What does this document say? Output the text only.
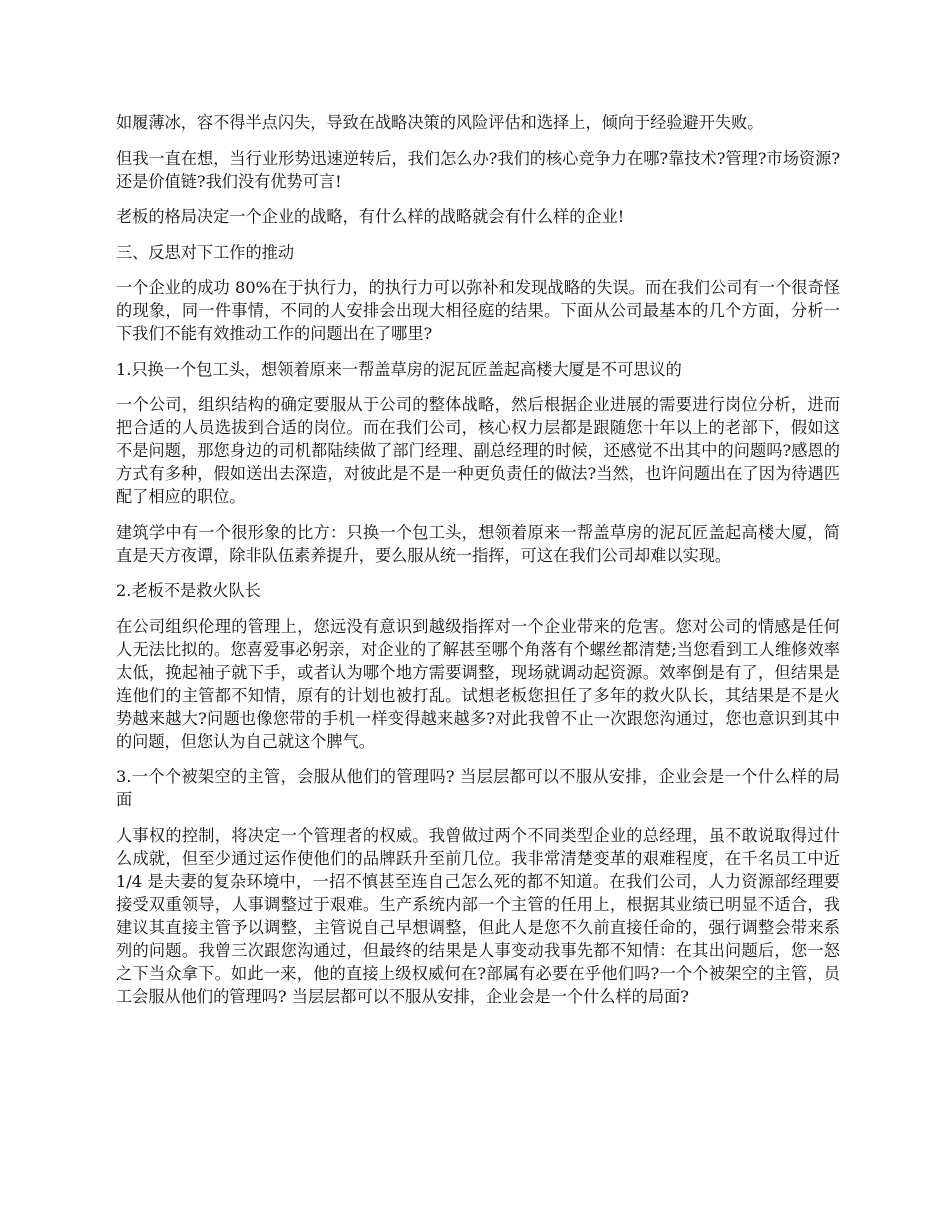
如履薄冰，容不得半点闪失，导致在战略决策的风险评估和选择上，倾向于经验避开失败。

但我一直在想，当行业形势迅速逆转后，我们怎么办?我们的核心竞争力在哪?靠技术?管理?市场资源?还是价值链?我们没有优势可言!

老板的格局决定一个企业的战略，有什么样的战略就会有什么样的企业!

三、反思对下工作的推动

一个企业的成功 80%在于执行力，的执行力可以弥补和发现战略的失误。而在我们公司有一个很奇怪的现象，同一件事情，不同的人安排会出现大相径庭的结果。下面从公司最基本的几个方面，分析一下我们不能有效推动工作的问题出在了哪里?

1.只换一个包工头，想领着原来一帮盖草房的泥瓦匠盖起高楼大厦是不可思议的

一个公司，组织结构的确定要服从于公司的整体战略，然后根据企业进展的需要进行岗位分析，进而把合适的人员选拔到合适的岗位。而在我们公司，核心权力层都是跟随您十年以上的老部下，假如这不是问题，那您身边的司机都陆续做了部门经理、副总经理的时候，还感觉不出其中的问题吗?感恩的方式有多种，假如送出去深造，对彼此是不是一种更负责任的做法?当然，也许问题出在了因为待遇匹配了相应的职位。

建筑学中有一个很形象的比方：只换一个包工头，想领着原来一帮盖草房的泥瓦匠盖起高楼大厦，简直是天方夜谭，除非队伍素养提升，要么服从统一指挥，可这在我们公司却难以实现。

2.老板不是救火队长

在公司组织伦理的管理上，您远没有意识到越级指挥对一个企业带来的危害。您对公司的情感是任何人无法比拟的。您喜爱事必躬亲，对企业的了解甚至哪个角落有个螺丝都清楚;当您看到工人维修效率太低，挽起袖子就下手，或者认为哪个地方需要调整，现场就调动起资源。效率倒是有了，但结果是连他们的主管都不知情，原有的计划也被打乱。试想老板您担任了多年的救火队长，其结果是不是火势越来越大?问题也像您带的手机一样变得越来越多?对此我曾不止一次跟您沟通过，您也意识到其中的问题，但您认为自己就这个脾气。

3.一个个被架空的主管，会服从他们的管理吗? 当层层都可以不服从安排，企业会是一个什么样的局面

人事权的控制，将决定一个管理者的权威。我曾做过两个不同类型企业的总经理，虽不敢说取得过什么成就，但至少通过运作使他们的品牌跃升至前几位。我非常清楚变革的艰难程度，在千名员工中近 1/4 是夫妻的复杂环境中，一招不慎甚至连自己怎么死的都不知道。在我们公司，人力资源部经理要接受双重领导，人事调整过于艰难。生产系统内部一个主管的任用上，根据其业绩已明显不适合，我建议其直接主管予以调整，主管说自己早想调整，但此人是您不久前直接任命的，强行调整会带来系列的问题。我曾三次跟您沟通过，但最终的结果是人事变动我事先都不知情：在其出问题后，您一怒之下当众拿下。如此一来，他的直接上级权威何在?部属有必要在乎他们吗?一个个被架空的主管，员工会服从他们的管理吗? 当层层都可以不服从安排，企业会是一个什么样的局面?
